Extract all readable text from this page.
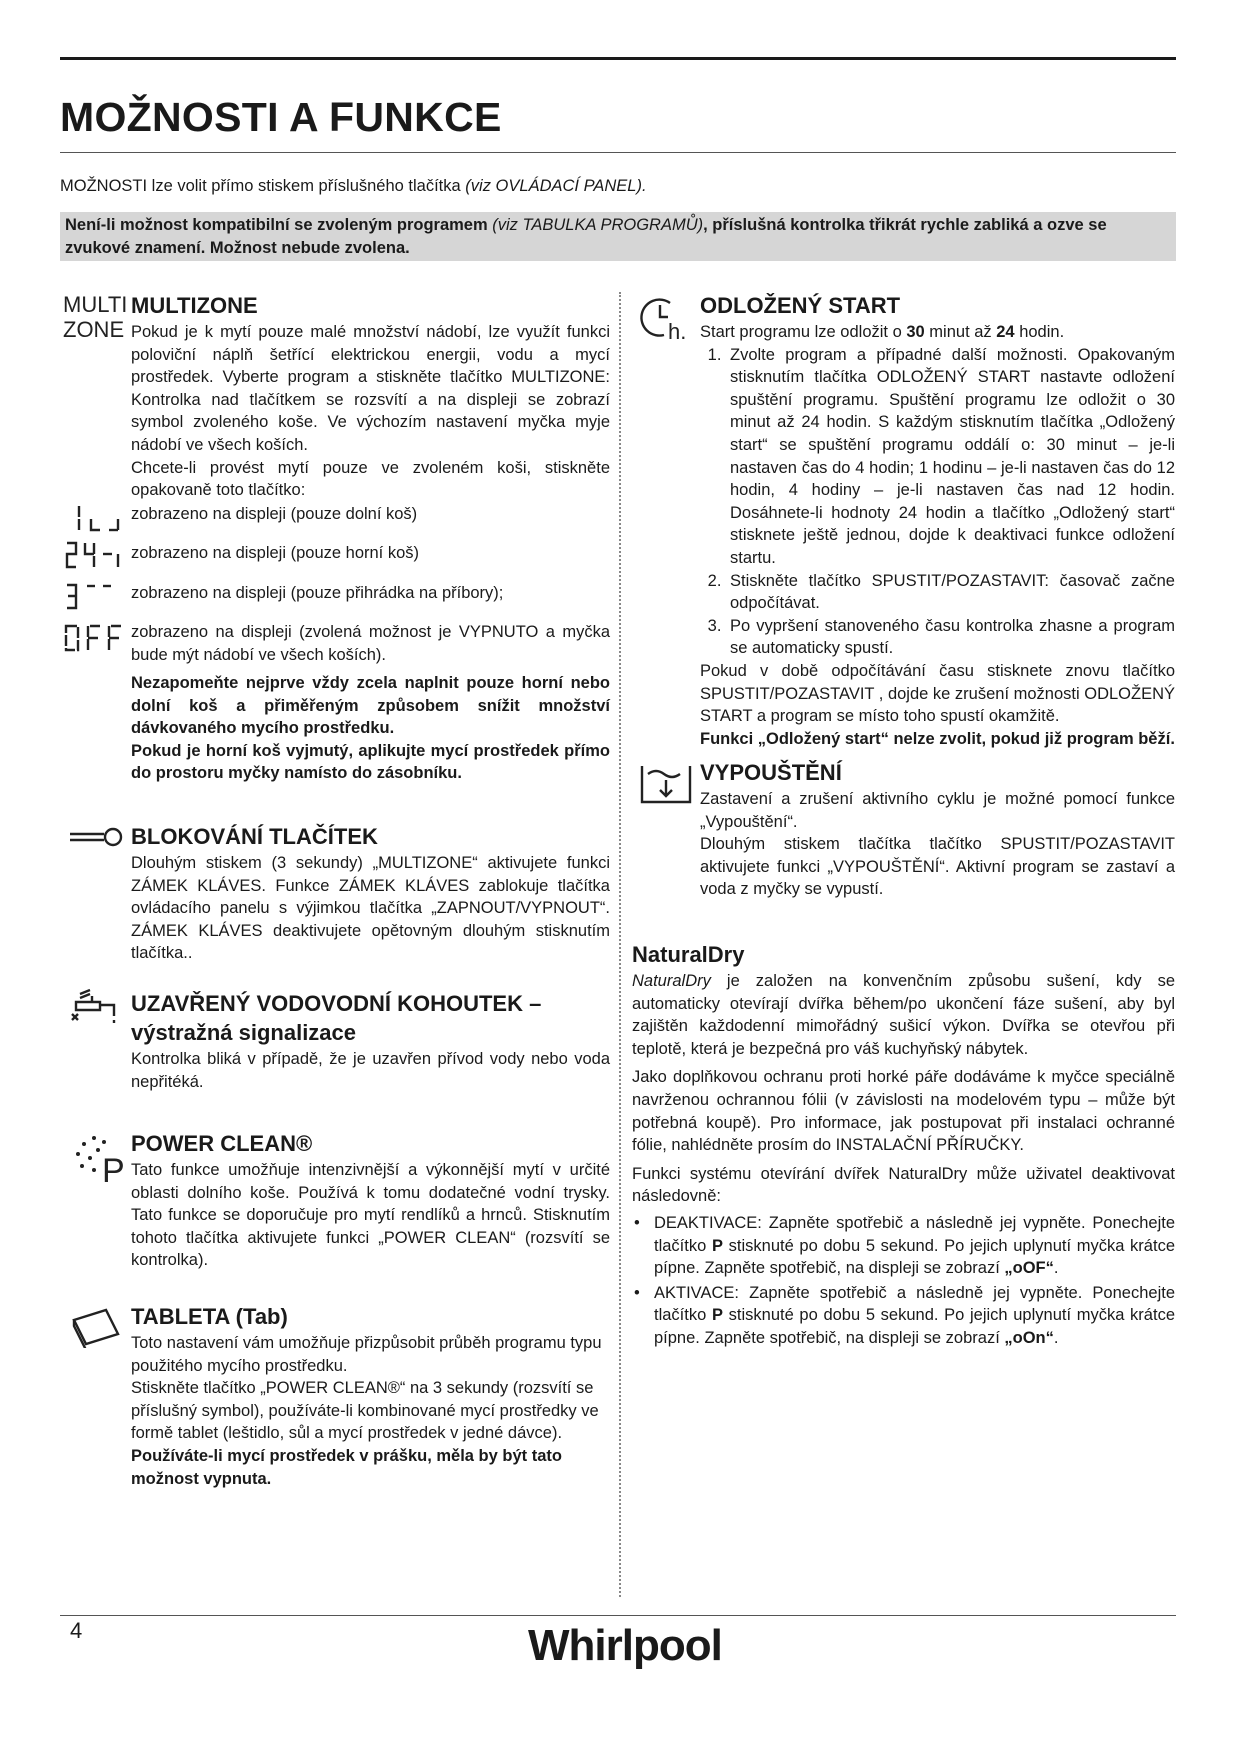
MOŽNOSTI A FUNKCE

MOŽNOSTI lze volit přímo stiskem příslušného tlačítka (viz OVLÁDACÍ PANEL).

Není-li možnost kompatibilní se zvoleným programem (viz TABULKA PROGRAMŮ), příslušná kontrolka třikrát rychle zabliká a ozve se zvukové znamení. Možnost nebude zvolena.
MULTI
ZONE
MULTIZONE

Pokud je k mytí pouze malé množství nádobí, lze využít funkci poloviční náplň šetřící elektrickou energii, vodu a mycí prostředek. Vyberte program a stiskněte tlačítko MULTIZONE: Kontrolka nad tlačítkem se rozsvítí a na displeji se zobrazí symbol zvoleného koše. Ve výchozím nastavení myčka myje nádobí ve všech koších.

Chcete-li provést mytí pouze ve zvoleném koši, stiskněte opakovaně toto tlačítko:

zobrazeno na displeji (pouze dolní koš)
zobrazeno na displeji (pouze horní koš)
zobrazeno na displeji (pouze přihrádka na příbory);
zobrazeno na displeji (zvolená možnost je VYPNUTO a myčka bude mýt nádobí ve všech koších).

Nezapomeňte nejprve vždy zcela naplnit pouze horní nebo dolní koš a přiměřeným způsobem snížit množství dávkovaného mycího prostředku.

Pokud je horní koš vyjmutý, aplikujte mycí prostředek přímo do prostoru myčky namísto do zásobníku.

BLOKOVÁNÍ TLAČÍTEK

Dlouhým stiskem (3 sekundy) „MULTIZONE“ aktivujete funkci ZÁMEK KLÁVES. Funkce ZÁMEK KLÁVES zablokuje tlačítka ovládacího panelu s výjimkou tlačítka „ZAPNOUT/VYPNOUT“. ZÁMEK KLÁVES deaktivujete opětovným dlouhým stisknutím tlačítka..

UZAVŘENÝ VODOVODNÍ KOHOUTEK –
výstražná signalizace

Kontrolka bliká v případě, že je uzavřen přívod vody nebo voda nepřitéká.

P
POWER CLEAN®

Tato funkce umožňuje intenzivnější a výkonnější mytí v určité oblasti dolního koše. Používá k tomu dodatečné vodní trysky. Tato funkce se doporučuje pro mytí rendlíků a hrnců. Stisknutím tohoto tlačítka aktivujete funkci „POWER CLEAN“ (rozsvítí se kontrolka).

TABLETA (Tab)

Toto nastavení vám umožňuje přizpůsobit průběh programu typu použitého mycího prostředku.

Stiskněte tlačítko „POWER CLEAN®“ na 3 sekundy (rozsvítí se příslušný symbol), používáte-li kombinované mycí prostředky ve formě tablet (leštidlo, sůl a mycí prostředek v jedné dávce).

Používáte-li mycí prostředek v prášku, měla by být tato možnost vypnuta.

h.
ODLOŽENÝ START

Start programu lze odložit o 30 minut až 24 hodin.

1. Zvolte program a případné další možnosti. Opakovaným stisknutím tlačítka ODLOŽENÝ START nastavte odložení spuštění programu. Spuštění programu lze odložit o 30 minut až 24 hodin. S každým stisknutím tlačítka „Odložený start“ se spuštění programu oddálí o: 30 minut – je-li nastaven čas do 4 hodin; 1 hodinu – je-li nastaven čas do 12 hodin, 4 hodiny – je-li nastaven čas nad 12 hodin. Dosáhnete-li hodnoty 24 hodin a tlačítko „Odložený start“ stisknete ještě jednou, dojde k deaktivaci funkce odložení startu.
2. Stiskněte tlačítko SPUSTIT/POZASTAVIT: časovač začne odpočítávat.
3. Po vypršení stanoveného času kontrolka zhasne a program se automaticky spustí.

Pokud v době odpočítávání času stisknete znovu tlačítko SPUSTIT/POZASTAVIT , dojde ke zrušení možnosti ODLOŽENÝ START a program se místo toho spustí okamžitě.

Funkci „Odložený start“ nelze zvolit, pokud již program běží.

VYPOUŠTĚNÍ

Zastavení a zrušení aktivního cyklu je možné pomocí funkce „Vypouštění“.

Dlouhým stiskem tlačítka tlačítko SPUSTIT/POZASTAVIT aktivujete funkci „VYPOUŠTĚNÍ“. Aktivní program se zastaví a voda z myčky se vypustí.

NaturalDry

NaturalDry je založen na konvenčním způsobu sušení, kdy se automaticky otevírají dvířka během/po ukončení fáze sušení, aby byl zajištěn každodenní mimořádný sušicí výkon. Dvířka se otevřou při teplotě, která je bezpečná pro váš kuchyňský nábytek.

Jako doplňkovou ochranu proti horké páře dodáváme k myčce speciálně navrženou ochrannou fólii (v závislosti na modelovém typu – může být potřebná koupě). Pro informace, jak postupovat při instalaci ochranné fólie, nahlédněte prosím do INSTALAČNÍ PŘÍRUČKY.

Funkci systému otevírání dvířek NaturalDry může uživatel deaktivovat následovně:

• DEAKTIVACE: Zapněte spotřebič a následně jej vypněte. Ponechejte tlačítko P stisknuté po dobu 5 sekund. Po jejich uplynutí myčka krátce pípne. Zapněte spotřebič, na displeji se zobrazí „oOF“.
• AKTIVACE: Zapněte spotřebič a následně jej vypněte. Ponechejte tlačítko P stisknuté po dobu 5 sekund. Po jejich uplynutí myčka krátce pípne. Zapněte spotřebič, na displeji se zobrazí „oOn“.
4	Whirlpool
